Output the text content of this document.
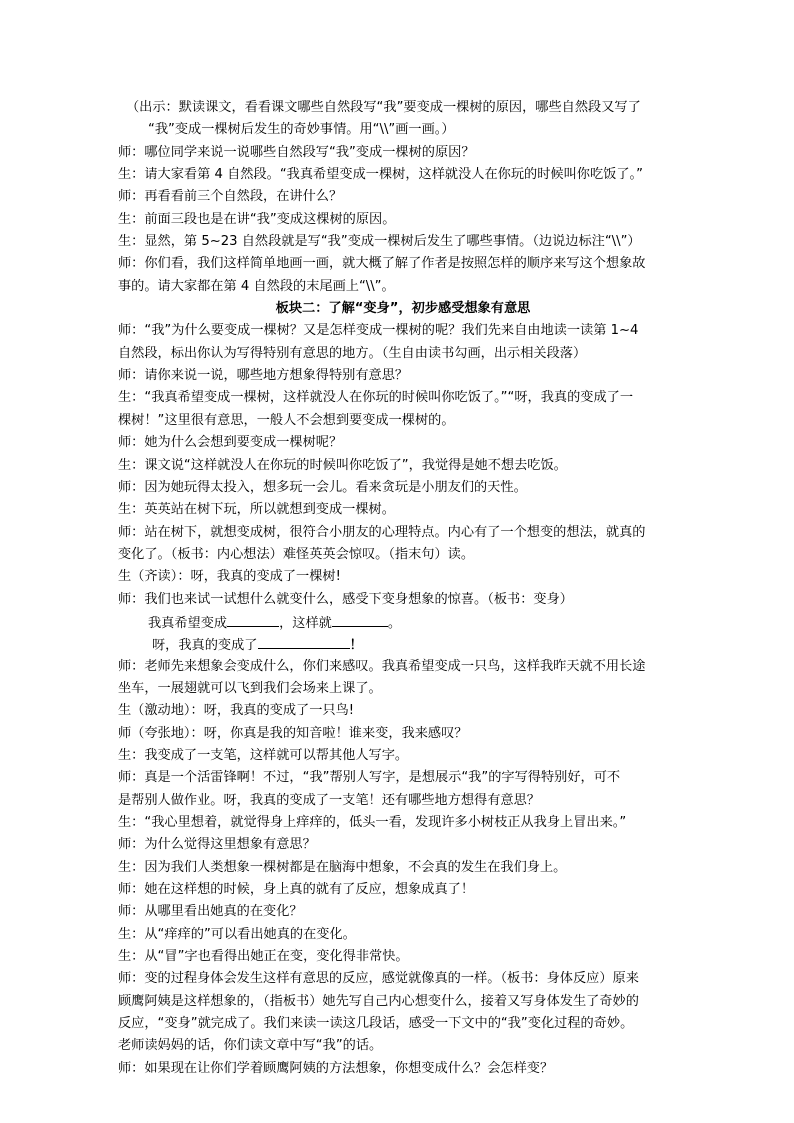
（出示：默读课文，看看课文哪些自然段写“我”要变成一棵树的原因，哪些自然段又写了
“我”变成一棵树后发生的奇妙事情。用“\\”画一画。）
师：哪位同学来说一说哪些自然段写“我”变成一棵树的原因？
生：请大家看第 4 自然段。“我真希望变成一棵树，这样就没人在你玩的时候叫你吃饭了。”
师：再看看前三个自然段，在讲什么？
生：前面三段也是在讲“我”变成这棵树的原因。
生：显然，第 5~23 自然段就是写“我”变成一棵树后发生了哪些事情。（边说边标注“\\”）
师：你们看，我们这样简单地画一画，就大概了解了作者是按照怎样的顺序来写这个想象故
事的。请大家都在第 4 自然段的末尾画上“\\”。
板块二：了解“变身”，初步感受想象有意思
师：“我”为什么要变成一棵树？又是怎样变成一棵树的呢？我们先来自由地读一读第 1~4
自然段，标出你认为写得特别有意思的地方。（生自由读书勾画，出示相关段落）
师：请你来说一说，哪些地方想象得特别有意思？
生：“我真希望变成一棵树，这样就没人在你玩的时候叫你吃饭了。”“呀，我真的变成了一
棵树！”这里很有意思，一般人不会想到要变成一棵树的。
师：她为什么会想到要变成一棵树呢？
生：课文说“这样就没人在你玩的时候叫你吃饭了”，我觉得是她不想去吃饭。
师：因为她玩得太投入，想多玩一会儿。看来贪玩是小朋友们的天性。
生：英英站在树下玩，所以就想到变成一棵树。
师：站在树下，就想变成树，很符合小朋友的心理特点。内心有了一个想变的想法，就真的
变化了。（板书：内心想法）难怪英英会惊叹。（指末句）读。
生（齐读）：呀，我真的变成了一棵树!
师：我们也来试一试想什么就变什么，感受下变身想象的惊喜。（板书：变身）
我真希望变成	，这样就	。
呀，我真的变成了	！
师：老师先来想象会变成什么，你们来感叹。我真希望变成一只鸟，这样我昨天就不用长途
坐车，一展翅就可以飞到我们会场来上课了。
生（激动地）：呀，我真的变成了一只鸟!
师（夸张地）：呀，你真是我的知音啦！谁来变，我来感叹？
生：我变成了一支笔，这样就可以帮其他人写字。
师：真是一个活雷锋啊！不过，“我”帮别人写字，是想展示“我”的字写得特别好，可不
是帮别人做作业。呀，我真的变成了一支笔！还有哪些地方想得有意思？
生：“我心里想着，就觉得身上痒痒的，低头一看，发现许多小树枝正从我身上冒出来。”
师：为什么觉得这里想象有意思？
生：因为我们人类想象一棵树都是在脑海中想象，不会真的发生在我们身上。
师：她在这样想的时候，身上真的就有了反应，想象成真了！
师：从哪里看出她真的在变化？
生：从“痒痒的”可以看出她真的在变化。
生：从“冒”字也看得出她正在变，变化得非常快。
师：变的过程身体会发生这样有意思的反应，感觉就像真的一样。（板书：身体反应）原来
顾鹰阿姨是这样想象的，（指板书）她先写自己内心想变什么，接着又写身体发生了奇妙的
反应，“变身”就完成了。我们来读一读这几段话，感受一下文中的“我”变化过程的奇妙。
老师读妈妈的话，你们读文章中写“我”的话。
师：如果现在让你们学着顾鹰阿姨的方法想象，你想变成什么？会怎样变？
